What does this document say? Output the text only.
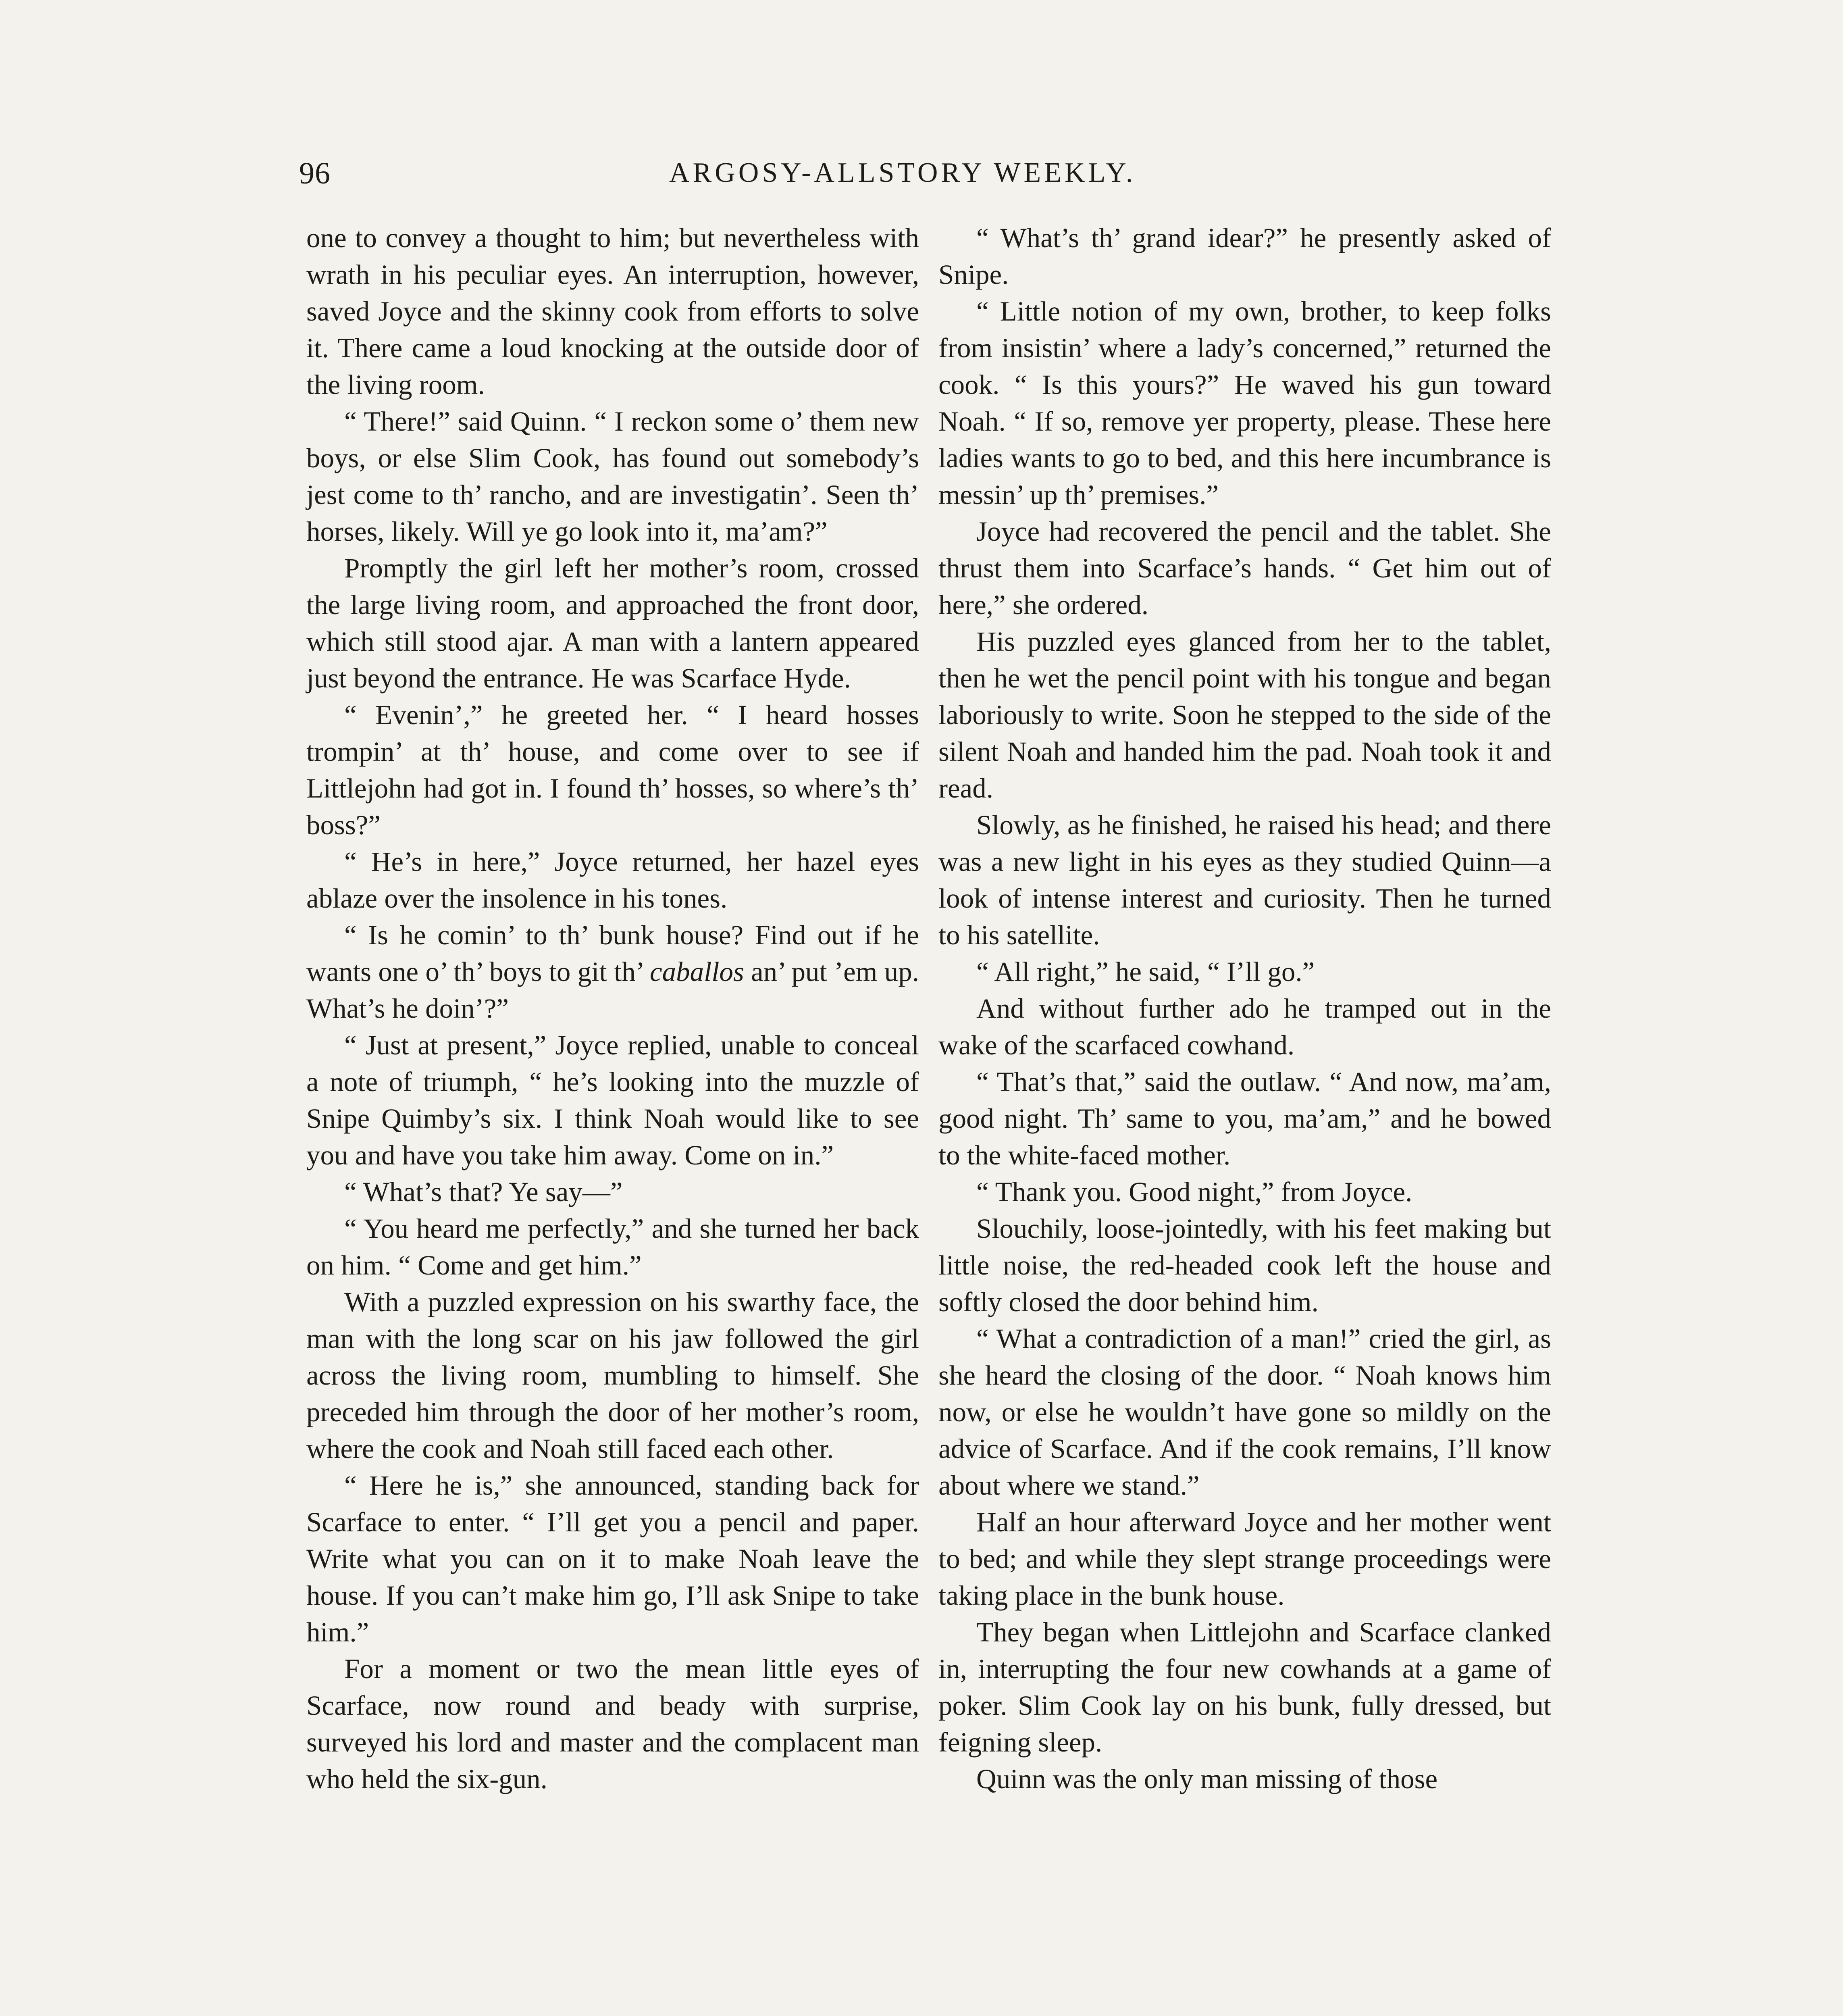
96	ARGOSY-ALLSTORY WEEKLY.

one to convey a thought to him; but nevertheless with wrath in his peculiar eyes. An interruption, however, saved Joyce and the skinny cook from efforts to solve it. There came a loud knocking at the outside door of the living room.

“ There!” said Quinn. “ I reckon some o’ them new boys, or else Slim Cook, has found out somebody’s jest come to th’ rancho, and are investigatin’. Seen th’ horses, likely. Will ye go look into it, ma’am?”

Promptly the girl left her mother’s room, crossed the large living room, and approached the front door, which still stood ajar. A man with a lantern appeared just beyond the entrance. He was Scarface Hyde.

“ Evenin’,” he greeted her. “ I heard hosses trompin’ at th’ house, and come over to see if Littlejohn had got in. I found th’ hosses, so where’s th’ boss?”

“ He’s in here,” Joyce returned, her hazel eyes ablaze over the insolence in his tones.

“ Is he comin’ to th’ bunk house? Find out if he wants one o’ th’ boys to git th’ caballos an’ put ’em up. What’s he doin’?”

“ Just at present,” Joyce replied, unable to conceal a note of triumph, “ he’s looking into the muzzle of Snipe Quimby’s six. I think Noah would like to see you and have you take him away. Come on in.”

“ What’s that? Ye say—”

“ You heard me perfectly,” and she turned her back on him. “ Come and get him.”

With a puzzled expression on his swarthy face, the man with the long scar on his jaw followed the girl across the living room, mumbling to himself. She preceded him through the door of her mother’s room, where the cook and Noah still faced each other.

“ Here he is,” she announced, standing back for Scarface to enter. “ I’ll get you a pencil and paper. Write what you can on it to make Noah leave the house. If you can’t make him go, I’ll ask Snipe to take him.”

For a moment or two the mean little eyes of Scarface, now round and beady with surprise, surveyed his lord and master and the complacent man who held the six-gun.

“ What’s th’ grand idear?” he presently asked of Snipe.

“ Little notion of my own, brother, to keep folks from insistin’ where a lady’s concerned,” returned the cook. “ Is this yours?” He waved his gun toward Noah. “ If so, remove yer property, please. These here ladies wants to go to bed, and this here incumbrance is messin’ up th’ premises.”

Joyce had recovered the pencil and the tablet. She thrust them into Scarface’s hands. “ Get him out of here,” she ordered.

His puzzled eyes glanced from her to the tablet, then he wet the pencil point with his tongue and began laboriously to write. Soon he stepped to the side of the silent Noah and handed him the pad. Noah took it and read.

Slowly, as he finished, he raised his head; and there was a new light in his eyes as they studied Quinn—a look of intense interest and curiosity. Then he turned to his satellite.

“ All right,” he said, “ I’ll go.”

And without further ado he tramped out in the wake of the scarfaced cowhand.

“ That’s that,” said the outlaw. “ And now, ma’am, good night. Th’ same to you, ma’am,” and he bowed to the white-faced mother.

“ Thank you. Good night,” from Joyce.

Slouchily, loose-jointedly, with his feet making but little noise, the red-headed cook left the house and softly closed the door behind him.

“ What a contradiction of a man!” cried the girl, as she heard the closing of the door. “ Noah knows him now, or else he wouldn’t have gone so mildly on the advice of Scarface. And if the cook remains, I’ll know about where we stand.”

Half an hour afterward Joyce and her mother went to bed; and while they slept strange proceedings were taking place in the bunk house.

They began when Littlejohn and Scarface clanked in, interrupting the four new cowhands at a game of poker. Slim Cook lay on his bunk, fully dressed, but feigning sleep.

Quinn was the only man missing of those
